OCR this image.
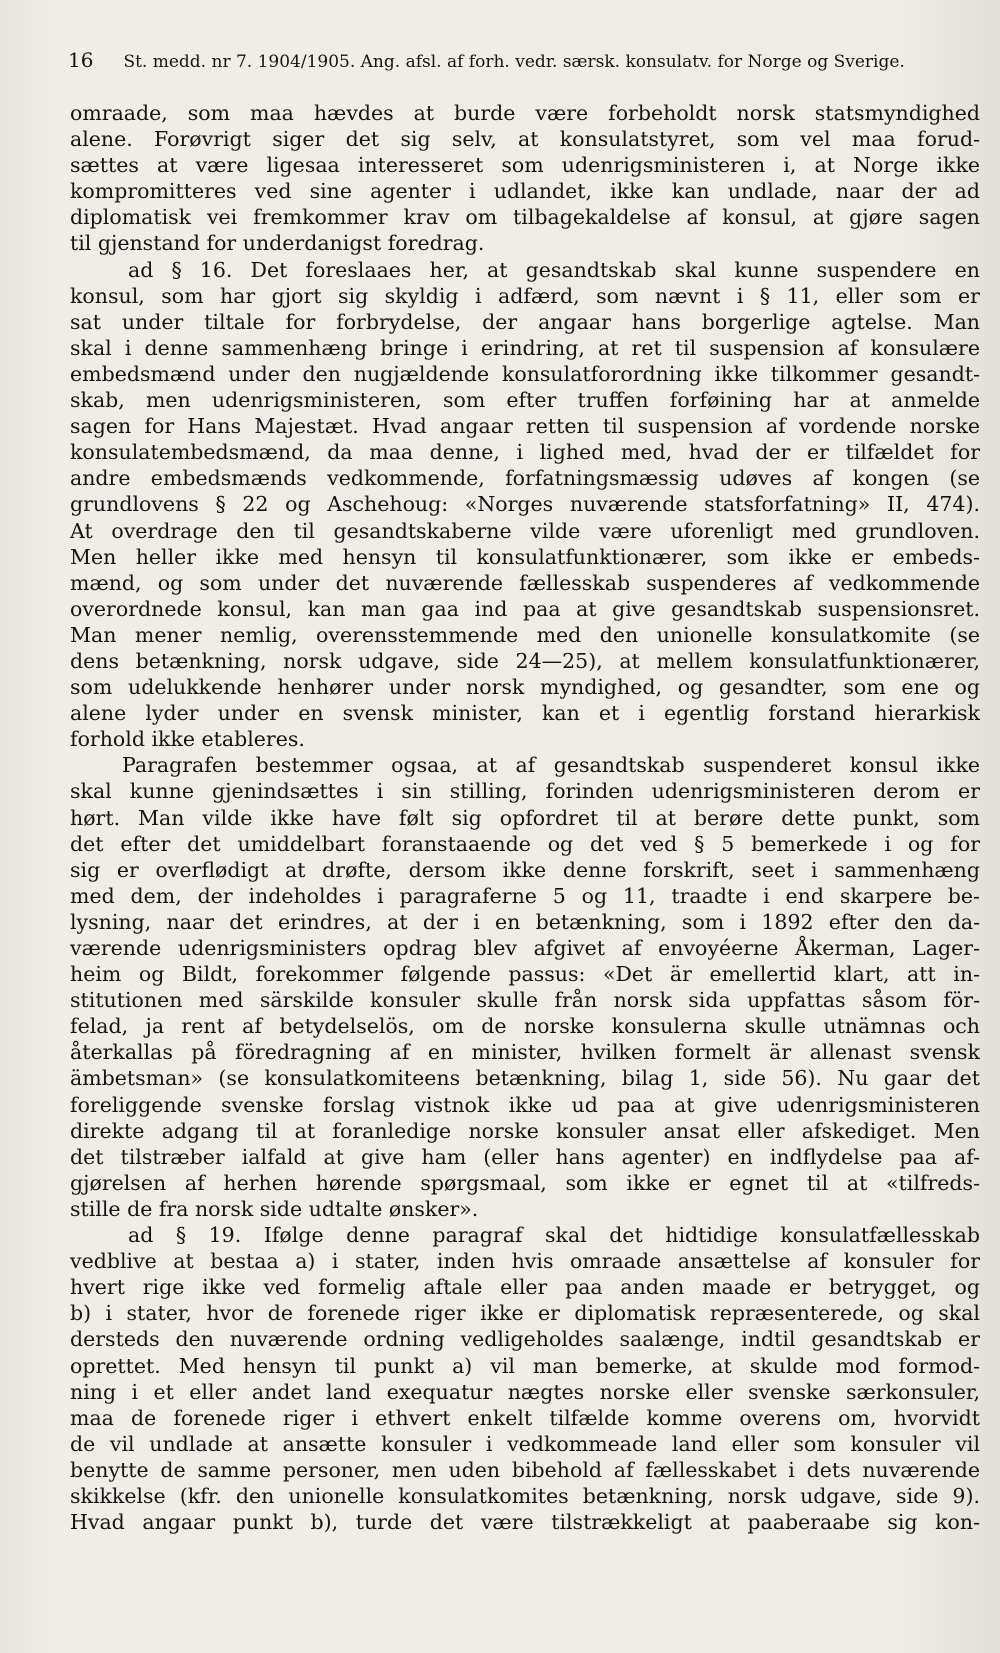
16 St. medd. nr 7. 1904/1905. Ang. afsl. af forh. vedr. særsk. konsulatv. for Norge og Sverige.
omraade, som maa hævdes at burde være forbeholdt norsk statsmyndighed
alene. Forøvrigt siger det sig selv, at konsulatstyret, som vel maa forud-
sættes at være ligesaa interesseret som udenrigsministeren i, at Norge ikke
kompromitteres ved sine agenter i udlandet, ikke kan undlade, naar der ad
diplomatisk vei fremkommer krav om tilbagekaldelse af konsul, at gjøre sagen
til gjenstand for underdanigst foredrag.
ad § 16. Det foreslaaes her, at gesandtskab skal kunne suspendere en
konsul, som har gjort sig skyldig i adfærd, som nævnt i § 11, eller som er
sat under tiltale for forbrydelse, der angaar hans borgerlige agtelse. Man
skal i denne sammenhæng bringe i erindring, at ret til suspension af konsulære
embedsmænd under den nugjældende konsulatforordning ikke tilkommer gesandt-
skab, men udenrigsministeren, som efter truffen forføining har at anmelde
sagen for Hans Majestæt. Hvad angaar retten til suspension af vordende norske
konsulatembedsmænd, da maa denne, i lighed med, hvad der er tilfældet for
andre embedsmænds vedkommende, forfatningsmæssig udøves af kongen (se
grundlovens § 22 og Aschehoug: «Norges nuværende statsforfatning» II, 474).
At overdrage den til gesandtskaberne vilde være uforenligt med grundloven.
Men heller ikke med hensyn til konsulatfunktionærer, som ikke er embeds-
mænd, og som under det nuværende fællesskab suspenderes af vedkommende
overordnede konsul, kan man gaa ind paa at give gesandtskab suspensionsret.
Man mener nemlig, overensstemmende med den unionelle konsulatkomite (se
dens betænkning, norsk udgave, side 24—25), at mellem konsulatfunktionærer,
som udelukkende henhører under norsk myndighed, og gesandter, som ene og
alene lyder under en svensk minister, kan et i egentlig forstand hierarkisk
forhold ikke etableres.
Paragrafen bestemmer ogsaa, at af gesandtskab suspenderet konsul ikke
skal kunne gjenindsættes i sin stilling, forinden udenrigsministeren derom er
hørt. Man vilde ikke have følt sig opfordret til at berøre dette punkt, som
det efter det umiddelbart foranstaaende og det ved § 5 bemerkede i og for
sig er overflødigt at drøfte, dersom ikke denne forskrift, seet i sammenhæng
med dem, der indeholdes i paragraferne 5 og 11, traadte i end skarpere be-
lysning, naar det erindres, at der i en betænkning, som i 1892 efter den da-
værende udenrigsministers opdrag blev afgivet af envoyéerne Åkerman, Lager-
heim og Bildt, forekommer følgende passus: «Det är emellertid klart, att in-
stitutionen med särskilde konsuler skulle från norsk sida uppfattas såsom för-
felad, ja rent af betydelselös, om de norske konsulerna skulle utnämnas och
återkallas på föredragning af en minister, hvilken formelt är allenast svensk
ämbetsman» (se konsulatkomiteens betænkning, bilag 1, side 56). Nu gaar det
foreliggende svenske forslag vistnok ikke ud paa at give udenrigsministeren
direkte adgang til at foranledige norske konsuler ansat eller afskediget. Men
det tilstræber ialfald at give ham (eller hans agenter) en indflydelse paa af-
gjørelsen af herhen hørende spørgsmaal, som ikke er egnet til at «tilfreds-
stille de fra norsk side udtalte ønsker».
ad § 19. Ifølge denne paragraf skal det hidtidige konsulatfællesskab
vedblive at bestaa a) i stater, inden hvis omraade ansættelse af konsuler for
hvert rige ikke ved formelig aftale eller paa anden maade er betrygget, og
b) i stater, hvor de forenede riger ikke er diplomatisk repræsenterede, og skal
dersteds den nuværende ordning vedligeholdes saalænge, indtil gesandtskab er
oprettet. Med hensyn til punkt a) vil man bemerke, at skulde mod formod-
ning i et eller andet land exequatur nægtes norske eller svenske særkonsuler,
maa de forenede riger i ethvert enkelt tilfælde komme overens om, hvorvidt
de vil undlade at ansætte konsuler i vedkommeade land eller som konsuler vil
benytte de samme personer, men uden bibehold af fællesskabet i dets nuværende
skikkelse (kfr. den unionelle konsulatkomites betænkning, norsk udgave, side 9).
Hvad angaar punkt b), turde det være tilstrækkeligt at paaberaabe sig kon-
